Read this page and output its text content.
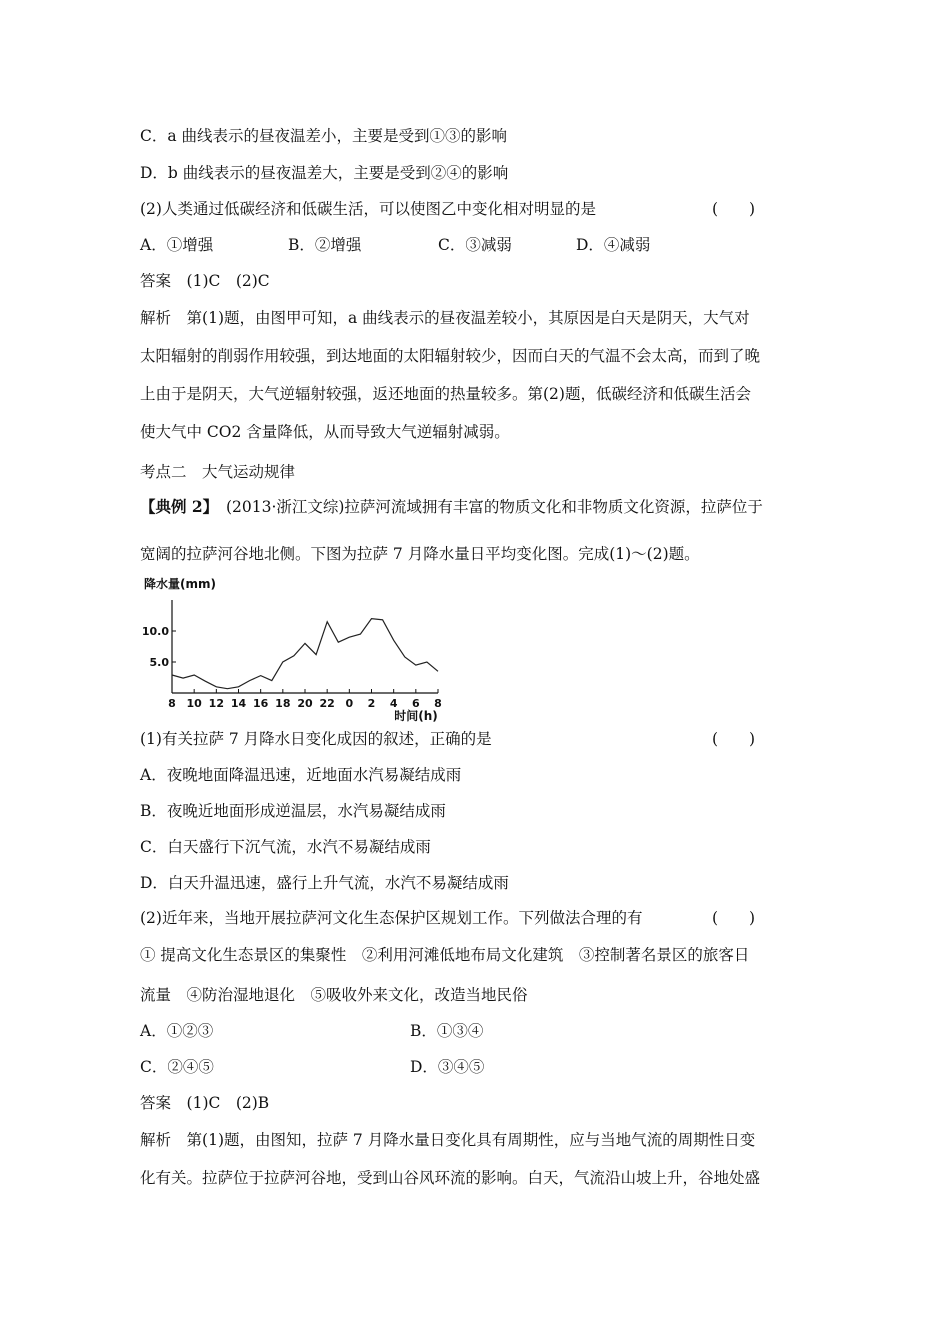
C．a 曲线表示的昼夜温差小，主要是受到①③的影响
D．b 曲线表示的昼夜温差大，主要是受到②④的影响
(2)人类通过低碳经济和低碳生活，可以使图乙中变化相对明显的是	(　　)
A．①增强	B．②增强	C．③减弱	D．④减弱
答案　 (1)C　(2)C
解析　 第(1)题，由图甲可知，a 曲线表示的昼夜温差较小，其原因是白天是阴天，大气对
太阳辐射的削弱作用较强，到达地面的太阳辐射较少，因而白天的气温不会太高，而到了晚
上由于是阴天，大气逆辐射较强，返还地面的热量较多。第(2)题，低碳经济和低碳生活会
使大气中 CO2 含量降低，从而导致大气逆辐射减弱。
考点二　大气运动规律
【典例 2】　 (2013·浙江文综)拉萨河流域拥有丰富的物质文化和非物质文化资源，拉萨位于
宽阔的拉萨河谷地北侧。下图为拉萨 7 月降水量日平均变化图。完成(1)～(2)题。
降水量(mm)
5.0
10.0
8 10 12 14 16 18 20 22 0 2 4 6 8
时间(h)
(1)有关拉萨 7 月降水日变化成因的叙述，正确的是	(　　)
A．夜晚地面降温迅速，近地面水汽易凝结成雨
B．夜晚近地面形成逆温层，水汽易凝结成雨
C．白天盛行下沉气流，水汽不易凝结成雨
D．白天升温迅速，盛行上升气流，水汽不易凝结成雨
(2)近年来，当地开展拉萨河文化生态保护区规划工作。下列做法合理的有	(　　)
① 提高文化生态景区的集聚性　②利用河滩低地布局文化建筑　③控制著名景区的旅客日
流量　④防治湿地退化　⑤吸收外来文化，改造当地民俗
A．①②③	B．①③④
C．②④⑤	D．③④⑤
答案　 (1)C　(2)B
解析　 第(1)题，由图知，拉萨 7 月降水量日变化具有周期性，应与当地气流的周期性日变
化有关。拉萨位于拉萨河谷地，受到山谷风环流的影响。白天，气流沿山坡上升，谷地处盛
